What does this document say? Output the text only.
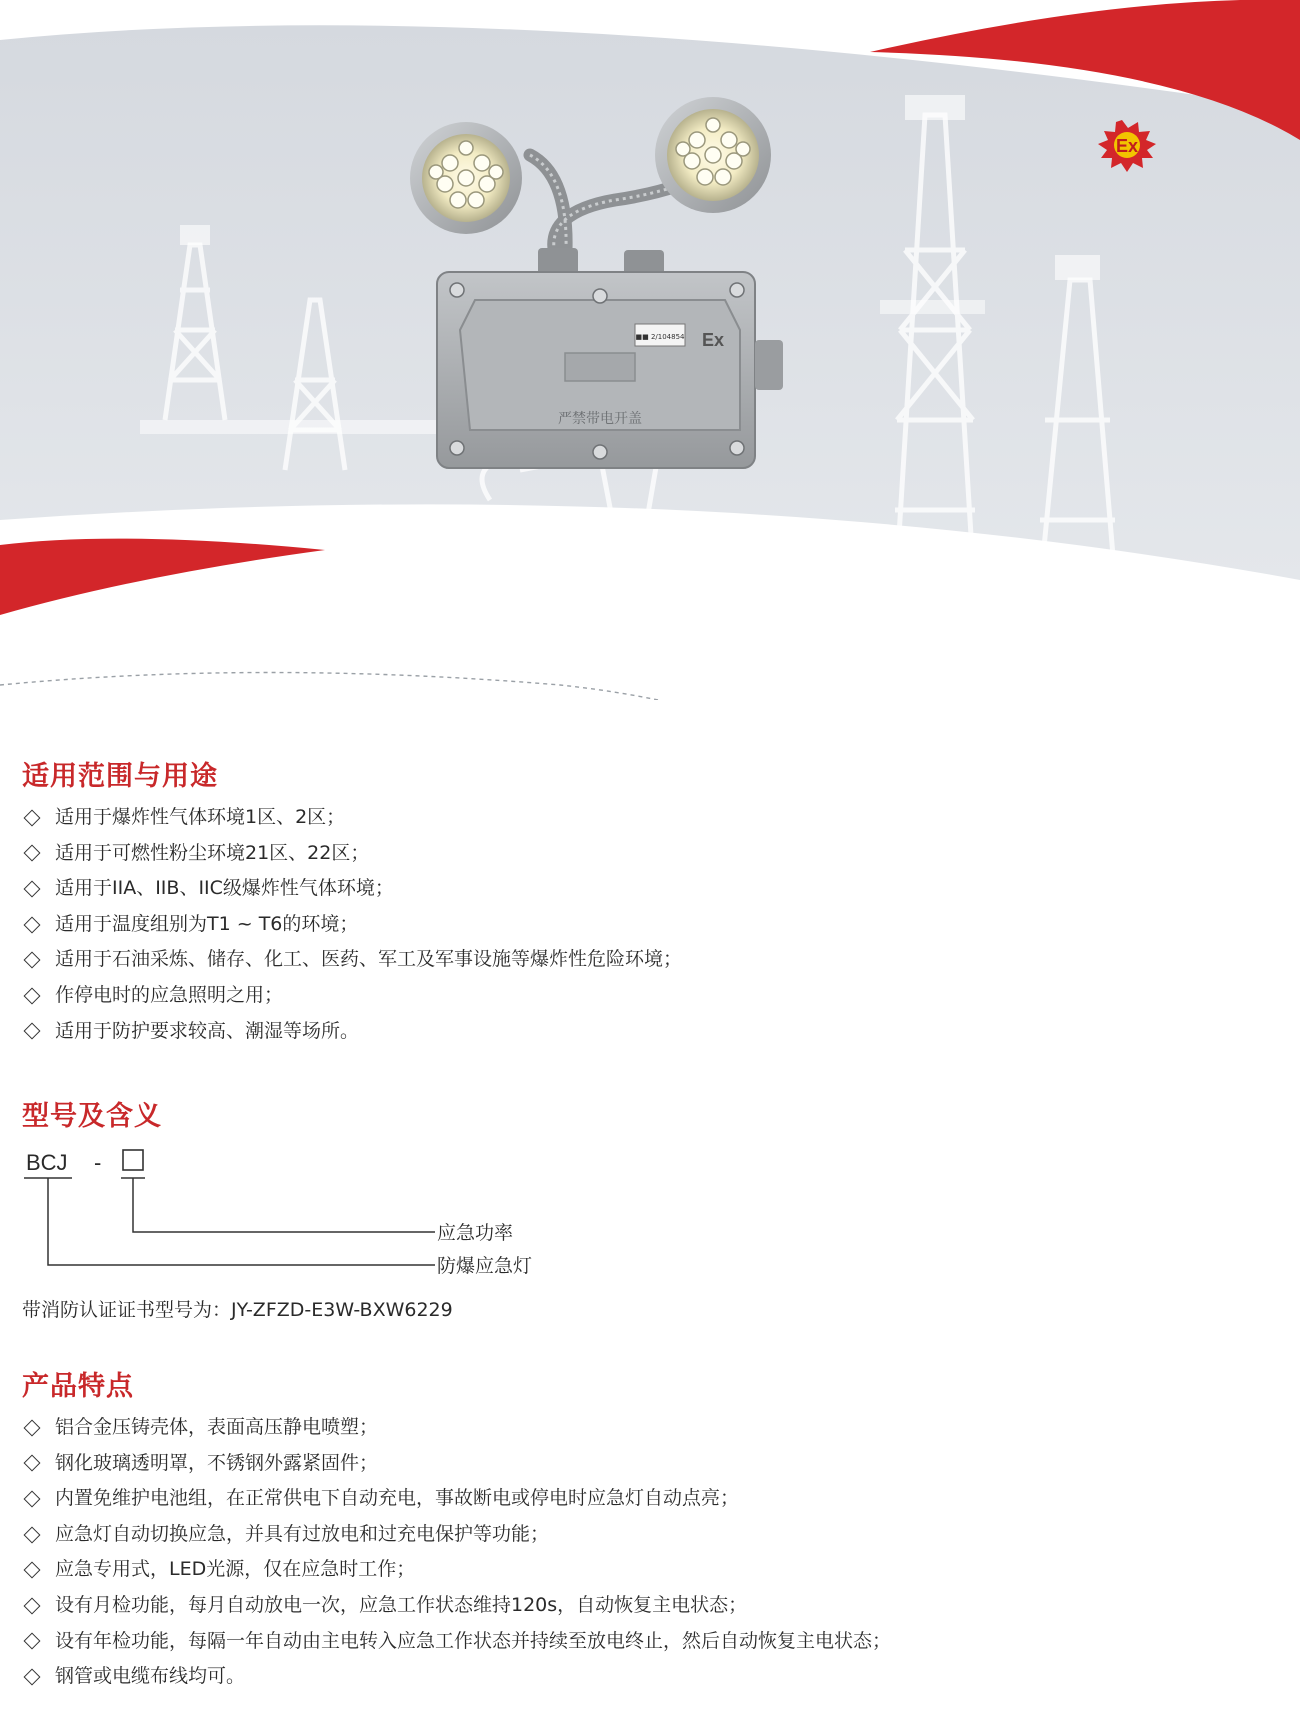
Ex
■■ 2/104854 Ex
严禁带电开盖
适用范围与用途
适用于爆炸性气体环境1区、2区；
适用于可燃性粉尘环境21区、22区；
适用于IIA、IIB、IIC级爆炸性气体环境；
适用于温度组别为T1 ~ T6的环境；
适用于石油采炼、储存、化工、医药、军工及军事设施等爆炸性危险环境；
作停电时的应急照明之用；
适用于防护要求较高、潮湿等场所。
型号及含义
BCJ -
应急功率
防爆应急灯
带消防认证证书型号为：JY-ZFZD-E3W-BXW6229
产品特点
铝合金压铸壳体，表面高压静电喷塑；
钢化玻璃透明罩，不锈钢外露紧固件；
内置免维护电池组，在正常供电下自动充电，事故断电或停电时应急灯自动点亮；
应急灯自动切换应急，并具有过放电和过充电保护等功能；
应急专用式，LED光源，仅在应急时工作；
设有月检功能，每月自动放电一次，应急工作状态维持120s，自动恢复主电状态；
设有年检功能，每隔一年自动由主电转入应急工作状态并持续至放电终止，然后自动恢复主电状态；
钢管或电缆布线均可。
